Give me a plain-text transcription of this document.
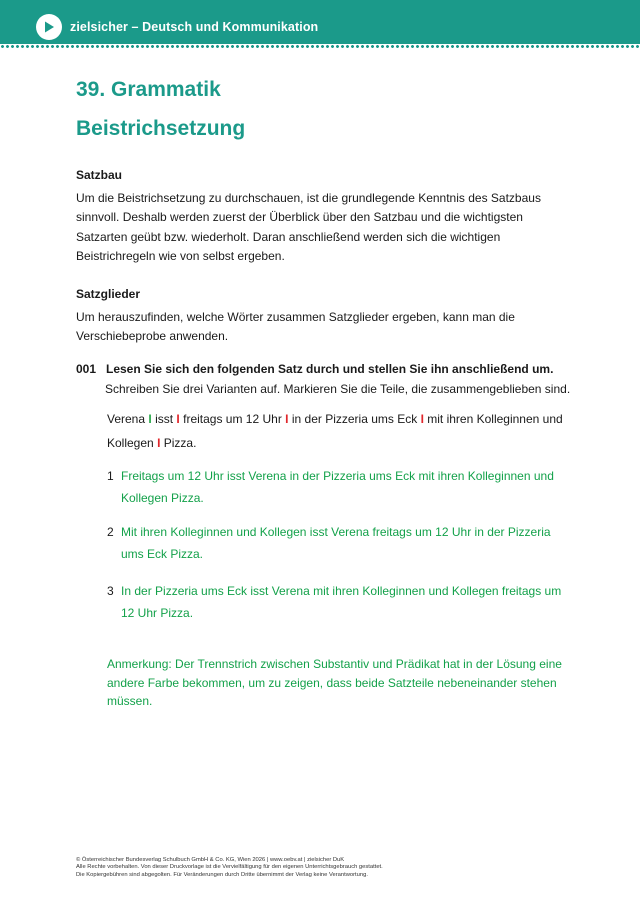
zielsicher – Deutsch und Kommunikation
39. Grammatik
Beistrichsetzung
Satzbau
Um die Beistrichsetzung zu durchschauen, ist die grundlegende Kenntnis des Satzbaus
sinnvoll. Deshalb werden zuerst der Überblick über den Satzbau und die wichtigsten
Satzarten geübt bzw. wiederholt. Daran anschließend werden sich die wichtigen
Beistrichregeln wie von selbst ergeben.
Satzglieder
Um herauszufinden, welche Wörter zusammen Satzglieder ergeben, kann man die
Verschiebeprobe anwenden.
001 Lesen Sie sich den folgenden Satz durch und stellen Sie ihn anschließend um.
Schreiben Sie drei Varianten auf. Markieren Sie die Teile, die zusammengeblieben sind.
Verena I isst I freitags um 12 Uhr I in der Pizzeria ums Eck I mit ihren Kolleginnen und
Kollegen I Pizza.
1 Freitags um 12 Uhr isst Verena in der Pizzeria ums Eck mit ihren Kolleginnen und
Kollegen Pizza.
2 Mit ihren Kolleginnen und Kollegen isst Verena freitags um 12 Uhr in der Pizzeria
ums Eck Pizza.
3 In der Pizzeria ums Eck isst Verena mit ihren Kolleginnen und Kollegen freitags um
12 Uhr Pizza.
Anmerkung: Der Trennstrich zwischen Substantiv und Prädikat hat in der Lösung eine
andere Farbe bekommen, um zu zeigen, dass beide Satzteile nebeneinander stehen
müssen.
© Österreichischer Bundesverlag Schulbuch GmbH & Co. KG, Wien 2026 | www.oebv.at | zielsicher DuK
Alle Rechte vorbehalten. Von dieser Druckvorlage ist die Vervielfältigung für den eigenen Unterrichtsgebrauch gestattet.
Die Kopiergebühren sind abgegolten. Für Veränderungen durch Dritte übernimmt der Verlag keine Verantwortung.
